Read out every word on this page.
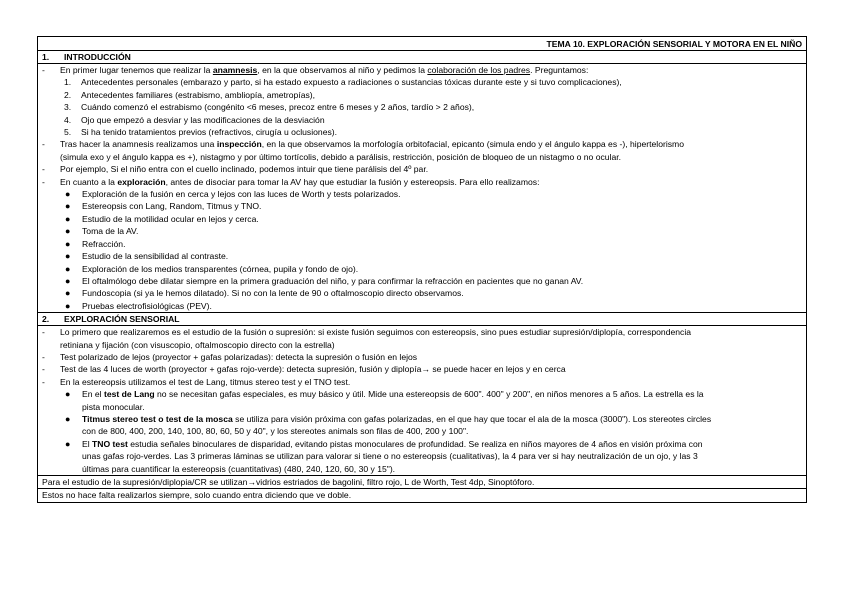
TEMA 10. EXPLORACIÓN SENSORIAL Y MOTORA EN EL NIÑO
1. INTRODUCCIÓN
- En primer lugar tenemos que realizar la anamnesis, en la que observamos al niño y pedimos la colaboración de los padres. Preguntamos:
1. Antecedentes personales (embarazo y parto, si ha estado expuesto a radiaciones o sustancias tóxicas durante este y si tuvo complicaciones),
2. Antecedentes familiares (estrabismo, ambliopía, ametropías),
3. Cuándo comenzó el estrabismo (congénito <6 meses, precoz entre 6 meses y 2 años, tardío > 2 años),
4. Ojo que empezó a desviar y las modificaciones de la desviación
5. Si ha tenido tratamientos previos (refractivos, cirugía u oclusiones).
- Tras hacer la anamnesis realizamos una inspección, en la que observamos la morfología orbitofacial, epicanto (simula endo y el ángulo kappa es -), hipertelorismo
(simula exo y el ángulo kappa es +), nistagmo y por último tortícolis, debido a parálisis, restricción, posición de bloqueo de un nistagmo o no ocular.
- Por ejemplo, Si el niño entra con el cuello inclinado, podemos intuir que tiene parálisis del 4º par.
- En cuanto a la exploración, antes de disociar para tomar la AV hay que estudiar la fusión y estereopsis. Para ello realizamos:
● Exploración de la fusión en cerca y lejos con las luces de Worth y tests polarizados.
● Estereopsis con Lang, Random, Titmus y TNO.
● Estudio de la motilidad ocular en lejos y cerca.
● Toma de la AV.
● Refracción.
● Estudio de la sensibilidad al contraste.
● Exploración de los medios transparentes (córnea, pupila y fondo de ojo).
● El oftalmólogo debe dilatar siempre en la primera graduación del niño, y para confirmar la refracción en pacientes que no ganan AV.
● Fundoscopia (si ya le hemos dilatado). Si no con la lente de 90 o oftalmoscopio directo observamos.
● Pruebas electrofisiológicas (PEV).
2. EXPLORACIÓN SENSORIAL
- Lo primero que realizaremos es el estudio de la fusión o supresión: si existe fusión seguimos con estereopsis, sino pues estudiar supresión/diplopía, correspondencia
retiniana y fijación (con visuscopio, oftalmoscopio directo con la estrella)
- Test polarizado de lejos (proyector + gafas polarizadas): detecta la supresión o fusión en lejos
- Test de las 4 luces de worth (proyector + gafas rojo-verde): detecta supresión, fusión y diplopía→ se puede hacer en lejos y en cerca
- En la estereopsis utilizamos el test de Lang, titmus stereo test y el TNO test.
● En el test de Lang no se necesitan gafas especiales, es muy básico y útil. Mide una estereopsis de 600". 400" y 200", en niños menores a 5 años. La estrella es la
pista monocular.
● Titmus stereo test o test de la mosca se utiliza para visión próxima con gafas polarizadas, en el que hay que tocar el ala de la mosca (3000"). Los stereotes circles
con de 800, 400, 200, 140, 100, 80, 60, 50 y 40", y los stereotes animals son filas de 400, 200 y 100".
● El TNO test estudia señales binoculares de disparidad, evitando pistas monoculares de profundidad. Se realiza en niños mayores de 4 años en visión próxima con
unas gafas rojo-verdes. Las 3 primeras láminas se utilizan para valorar si tiene o no estereopsis (cualitativas), la 4 para ver si hay neutralización de un ojo, y las 3
últimas para cuantificar la estereopsis (cuantitativas) (480, 240, 120, 60, 30 y 15").
Para el estudio de la supresión/diplopia/CR se utilizan→vidrios estriados de bagolini, filtro rojo, L de Worth, Test 4dp, Sinoptóforo.
Estos no hace falta realizarlos siempre, solo cuando entra diciendo que ve doble.
